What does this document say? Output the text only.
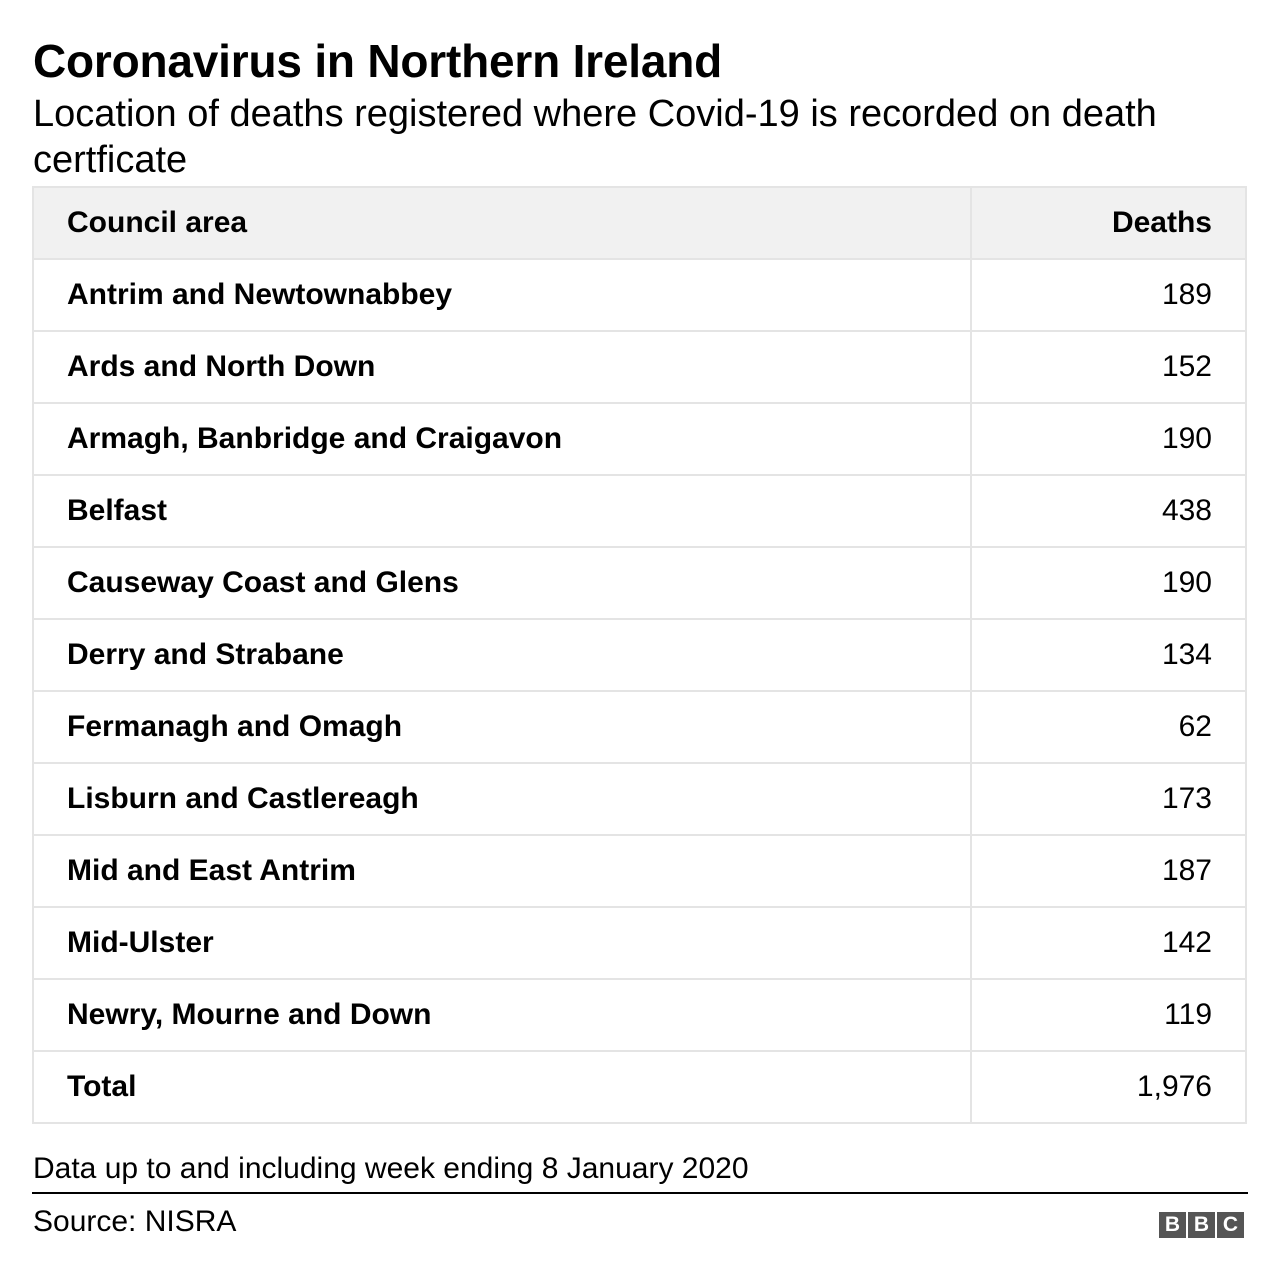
Coronavirus in Northern Ireland
Location of deaths registered where Covid-19 is recorded on death certficate
Council area	Deaths
Antrim and Newtownabbey	189
Ards and North Down	152
Armagh, Banbridge and Craigavon	190
Belfast	438
Causeway Coast and Glens	190
Derry and Strabane	134
Fermanagh and Omagh	62
Lisburn and Castlereagh	173
Mid and East Antrim	187
Mid-Ulster	142
Newry, Mourne and Down	119
Total	1,976
Data up to and including week ending 8 January 2020
Source: NISRA	B B C
